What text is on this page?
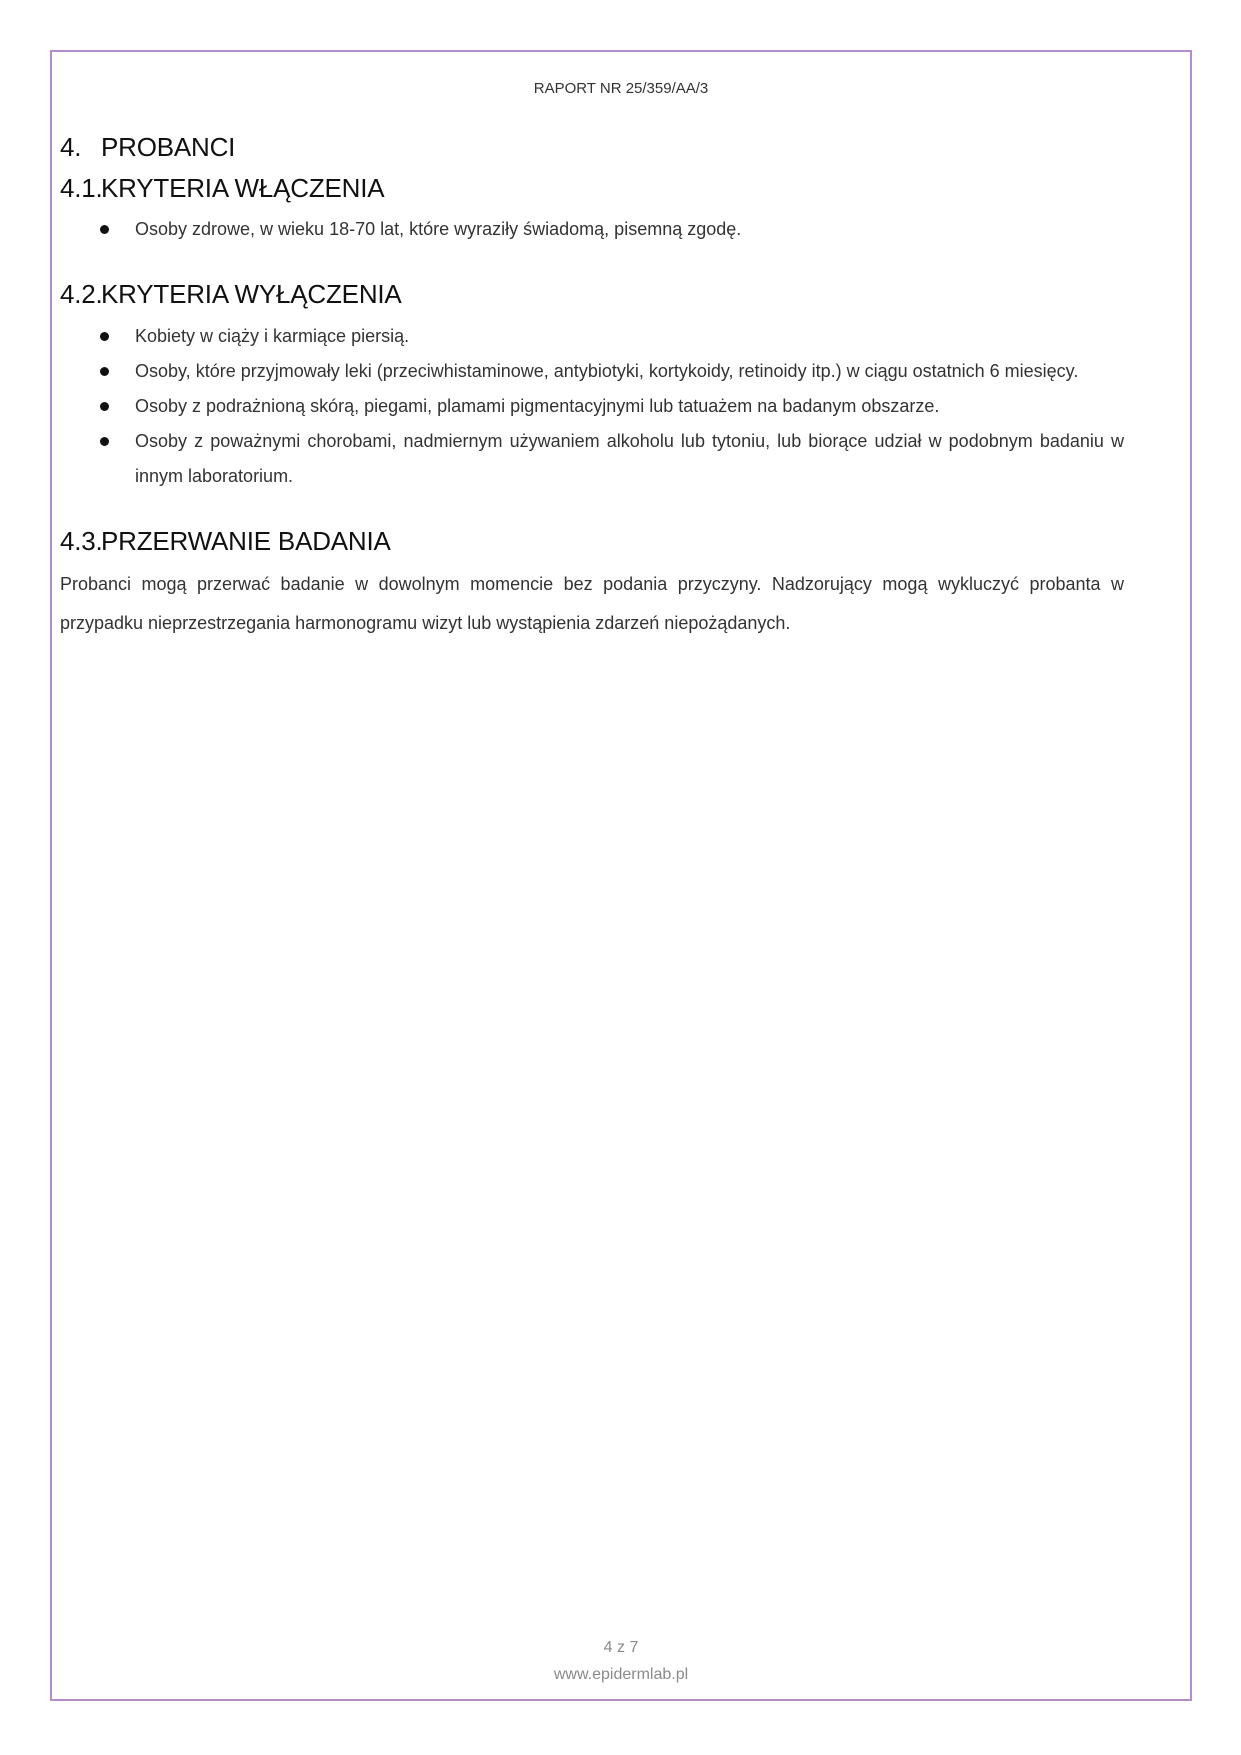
RAPORT NR 25/359/AA/3
4. PROBANCI
4.1.
KRYTERIA WŁĄCZENIA
Osoby zdrowe, w wieku 18-70 lat, które wyraziły świadomą, pisemną zgodę.
4.2.
KRYTERIA WYŁĄCZENIA
Kobiety w ciąży i karmiące piersią.
Osoby, które przyjmowały leki (przeciwhistaminowe, antybiotyki, kortykoidy, retinoidy itp.) w ciągu ostatnich 6 miesięcy.
Osoby z podrażnioną skórą, piegami, plamami pigmentacyjnymi lub tatuażem na badanym obszarze.
Osoby z poważnymi chorobami, nadmiernym używaniem alkoholu lub tytoniu, lub biorące udział w podobnym badaniu w innym laboratorium.
4.3.
PRZERWANIE BADANIA

Probanci mogą przerwać badanie w dowolnym momencie bez podania przyczyny. Nadzorujący mogą wykluczyć probanta w przypadku nieprzestrzegania harmonogramu wizyt lub wystąpienia zdarzeń niepożądanych.

4 z 7
www.epidermlab.pl
